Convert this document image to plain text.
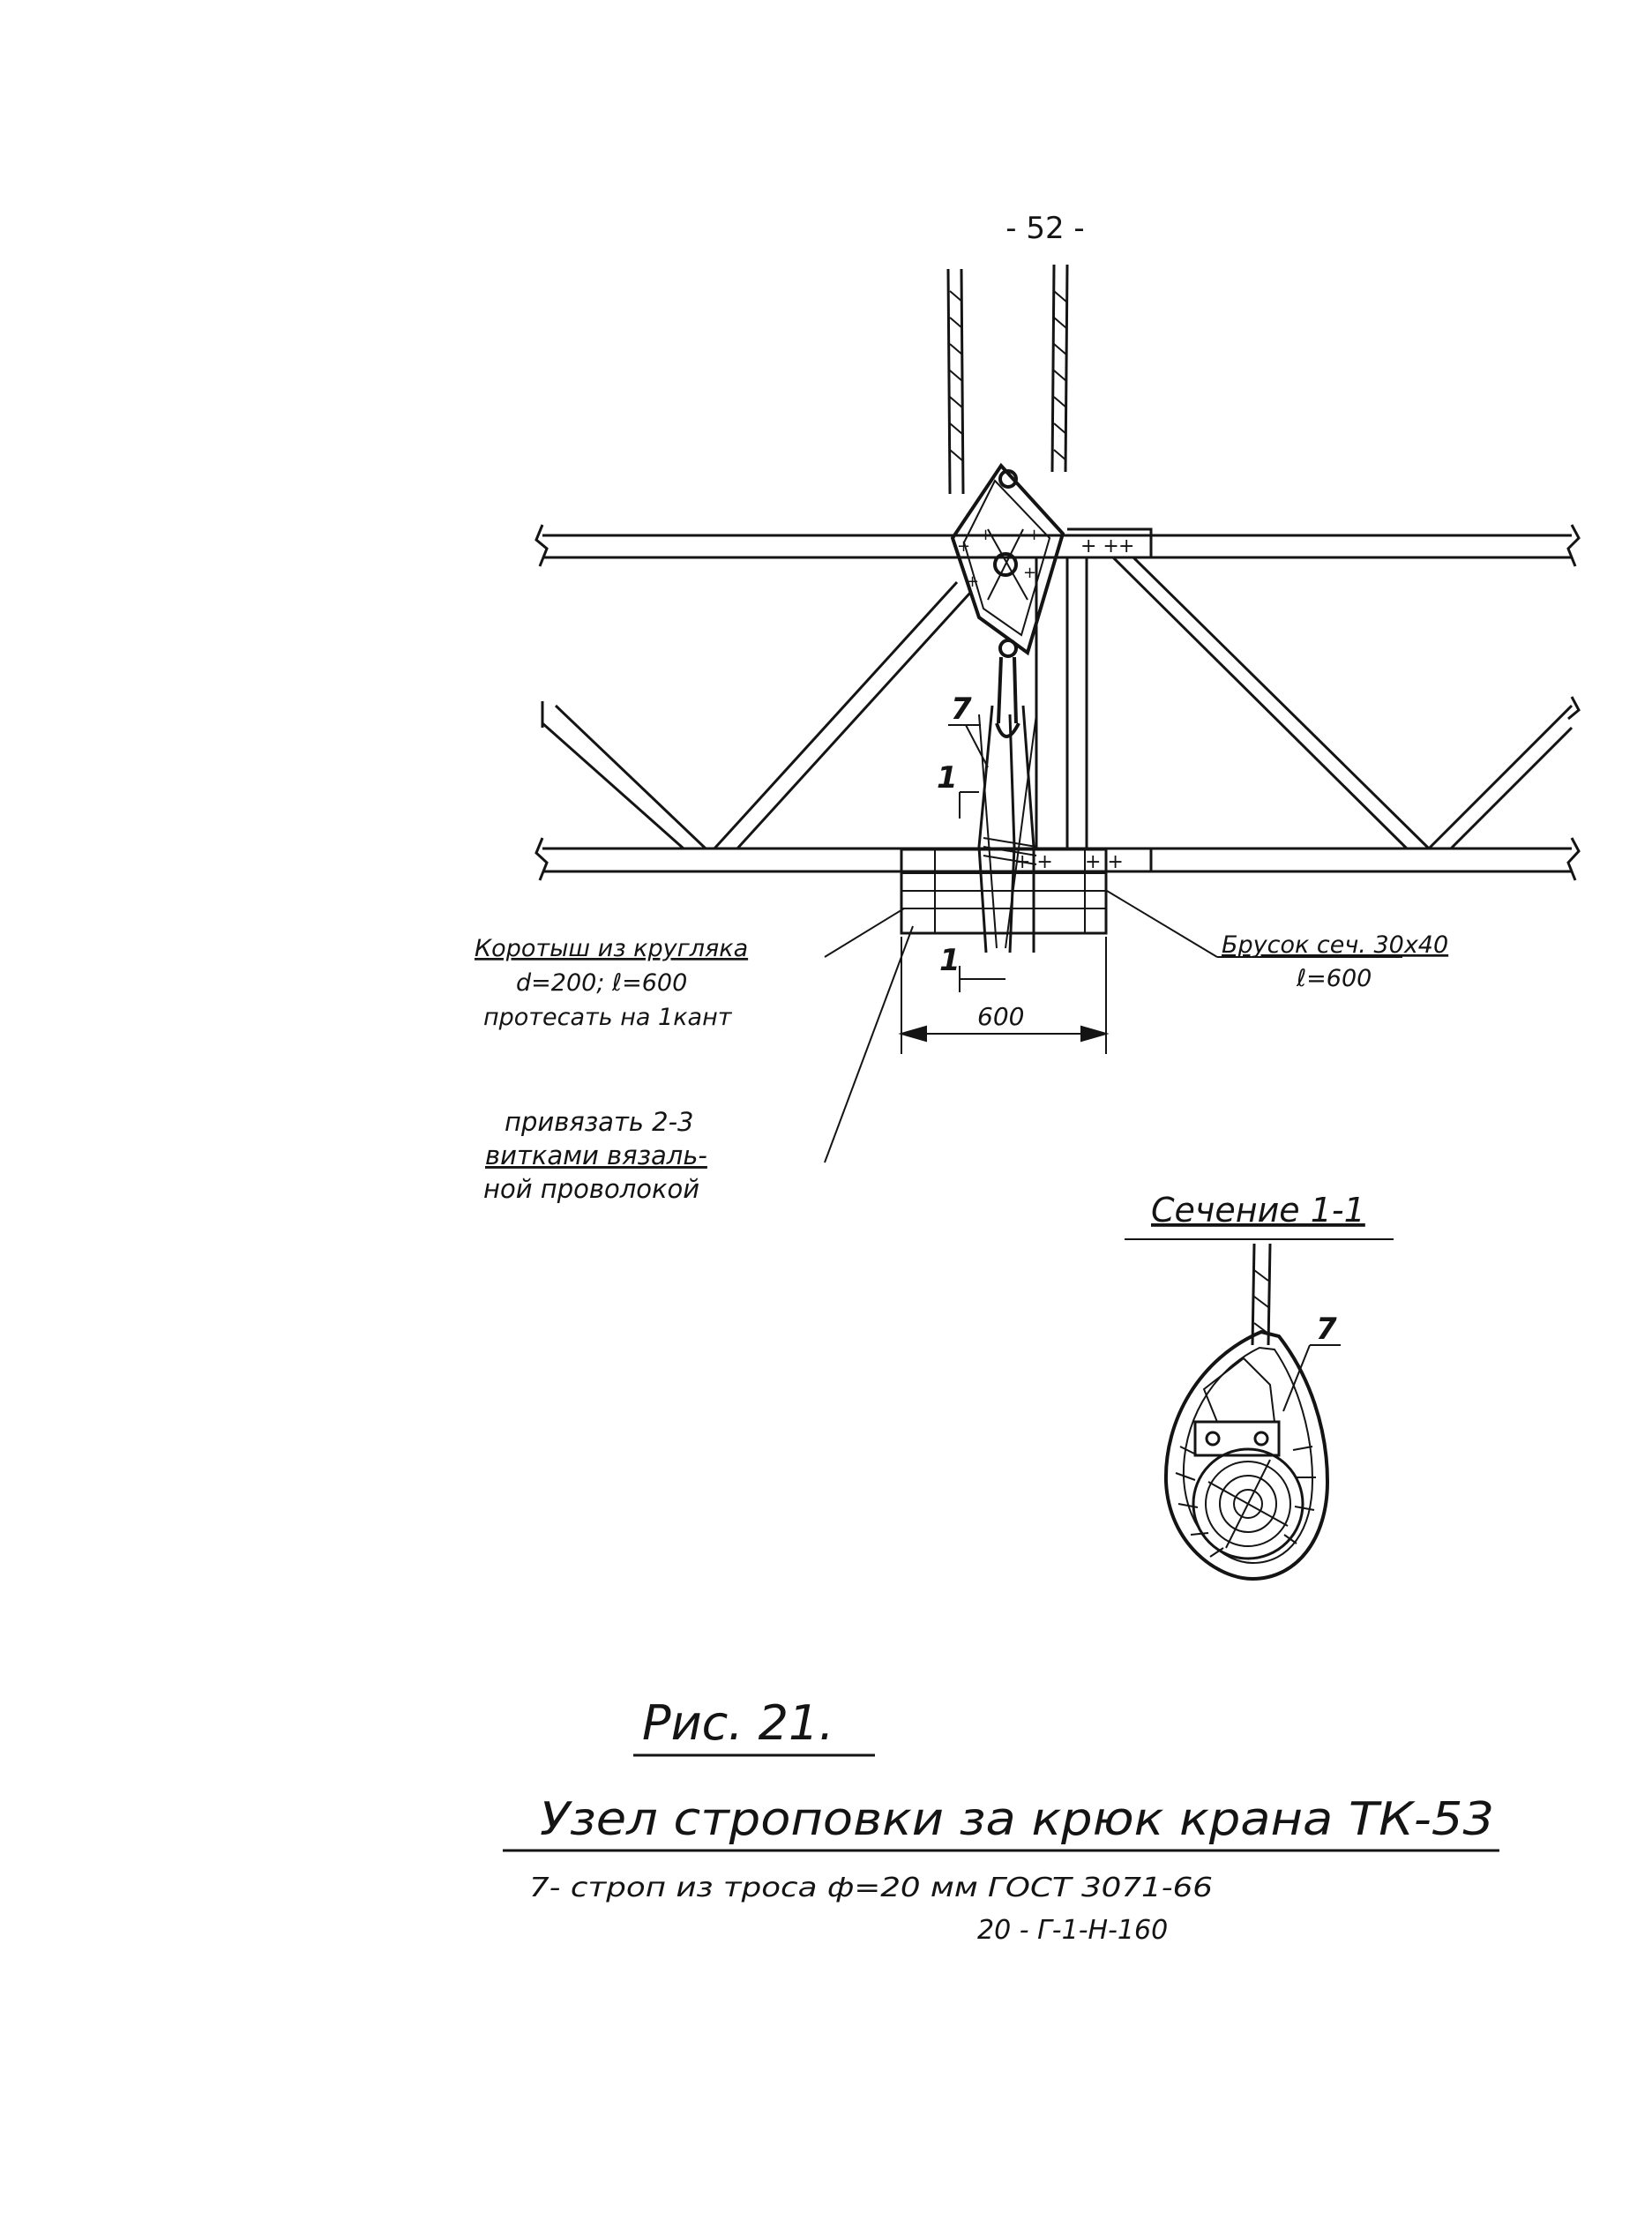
- 52 -
+ + +
+ + + +
+
+ +
+
+
7
1
1
600
Коротыш из кругляка
d=200; ℓ=600
протесать на 1кант
Брусок сеч. 30x40
ℓ=600
привязать 2-3
витками вязаль-
ной проволокой
Сечение 1-1
7
Рис. 21.
Узел строповки за крюк крана ТК-53
7- строп из троса ф=20 мм ГОСТ 3071-66
20 - Г-1-Н-160
